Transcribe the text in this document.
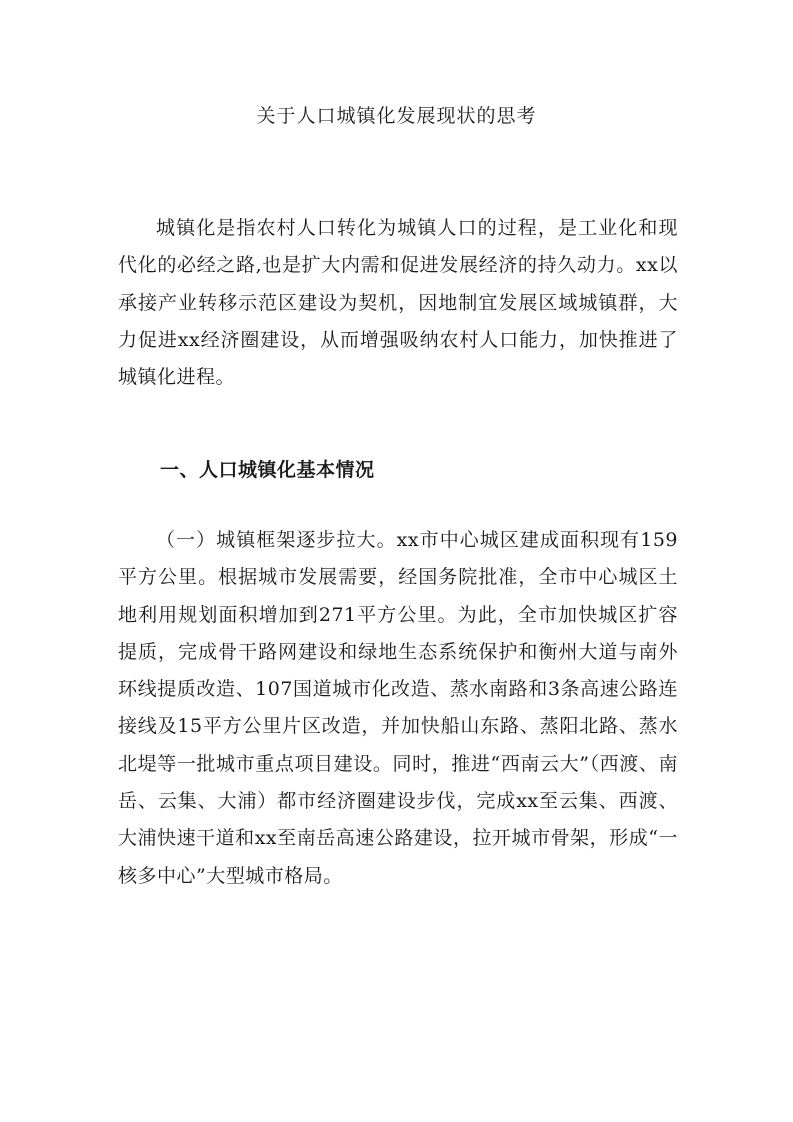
关于人口城镇化发展现状的思考

城镇化是指农村人口转化为城镇人口的过程，是工业化和现代化的必经之路,也是扩大内需和促进发展经济的持久动力。xx以承接产业转移示范区建设为契机，因地制宜发展区域城镇群，大力促进xx经济圈建设，从而增强吸纳农村人口能力，加快推进了城镇化进程。

一、人口城镇化基本情况

（一）城镇框架逐步拉大。xx市中心城区建成面积现有159平方公里。根据城市发展需要，经国务院批准，全市中心城区土地利用规划面积增加到271平方公里。为此，全市加快城区扩容提质，完成骨干路网建设和绿地生态系统保护和衡州大道与南外环线提质改造、107国道城市化改造、蒸水南路和3条高速公路连接线及15平方公里片区改造，并加快船山东路、蒸阳北路、蒸水北堤等一批城市重点项目建设。同时，推进“西南云大”（西渡、南岳、云集、大浦）都市经济圈建设步伐，完成xx至云集、西渡、大浦快速干道和xx至南岳高速公路建设，拉开城市骨架，形成“一核多中心”大型城市格局。
